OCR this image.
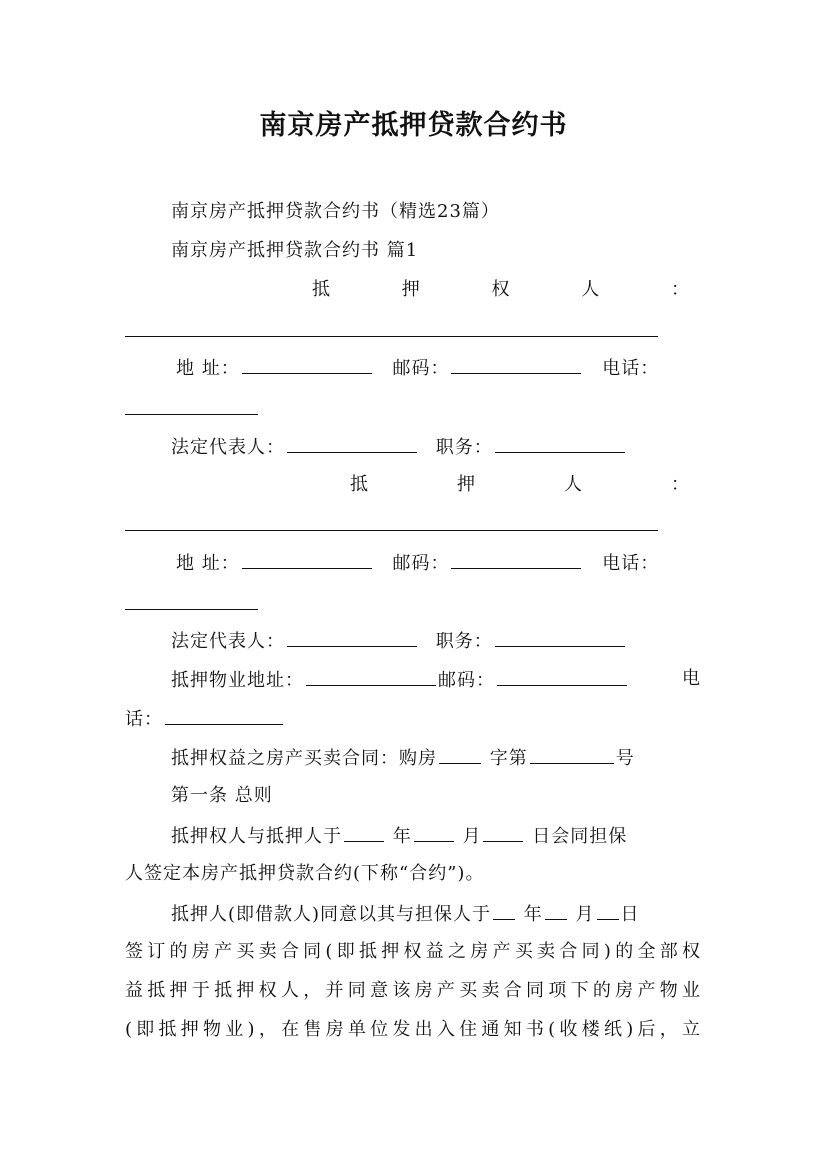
南京房产抵押贷款合约书
南京房产抵押贷款合约书（精选23篇）
南京房产抵押贷款合约书 篇1
抵	押	权	人	：
地 址：	邮码：	电话：
法定代表人：	职务：
抵	押	人	：
地 址：	邮码：	电话：
法定代表人：	职务：
抵押物业地址：	邮码：	电
话：
抵押权益之房产买卖合同：购房	字第	号
第一条 总则
抵押权人与抵押人于	年	月	日会同担保
人签定本房产抵押贷款合约(下称“合约”)。
抵押人(即借款人)同意以其与担保人于 年 月 日
签订的房产买卖合同(即抵押权益之房产买卖合同)的全部权
益抵押于抵押权人，并同意该房产买卖合同项下的房产物业
(即抵押物业)，在售房单位发出入住通知书(收楼纸)后，立
